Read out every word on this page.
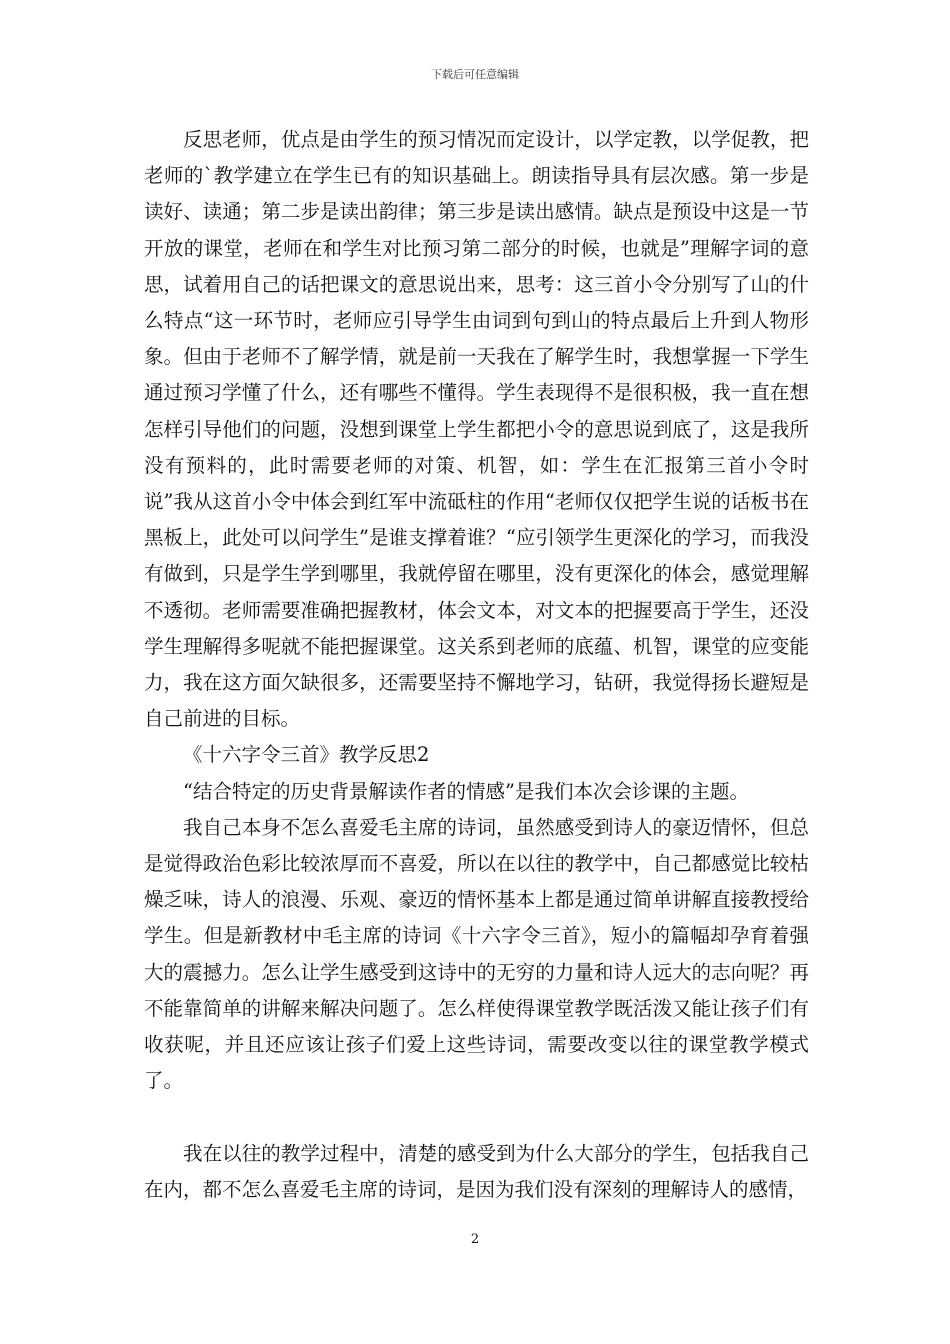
下载后可任意编辑

反思老师，优点是由学生的预习情况而定设计，以学定教，以学促教，把老师的`教学建立在学生已有的知识基础上。朗读指导具有层次感。第一步是读好、读通；第二步是读出韵律；第三步是读出感情。缺点是预设中这是一节开放的课堂，老师在和学生对比预习第二部分的时候，也就是”理解字词的意思，试着用自己的话把课文的意思说出来，思考：这三首小令分别写了山的什么特点“这一环节时，老师应引导学生由词到句到山的特点最后上升到人物形象。但由于老师不了解学情，就是前一天我在了解学生时，我想掌握一下学生通过预习学懂了什么，还有哪些不懂得。学生表现得不是很积极，我一直在想怎样引导他们的问题，没想到课堂上学生都把小令的意思说到底了，这是我所没有预料的，此时需要老师的对策、机智，如：学生在汇报第三首小令时说”我从这首小令中体会到红军中流砥柱的作用“老师仅仅把学生说的话板书在黑板上，此处可以问学生”是谁支撑着谁？“应引领学生更深化的学习，而我没有做到，只是学生学到哪里，我就停留在哪里，没有更深化的体会，感觉理解不透彻。老师需要准确把握教材，体会文本，对文本的把握要高于学生，还没学生理解得多呢就不能把握课堂。这关系到老师的底蕴、机智，课堂的应变能力，我在这方面欠缺很多，还需要坚持不懈地学习，钻研，我觉得扬长避短是自己前进的目标。

《十六字令三首》教学反思2

“结合特定的历史背景解读作者的情感”是我们本次会诊课的主题。

我自己本身不怎么喜爱毛主席的诗词，虽然感受到诗人的豪迈情怀，但总是觉得政治色彩比较浓厚而不喜爱，所以在以往的教学中，自己都感觉比较枯燥乏味，诗人的浪漫、乐观、豪迈的情怀基本上都是通过简单讲解直接教授给学生。但是新教材中毛主席的诗词《十六字令三首》，短小的篇幅却孕育着强大的震撼力。怎么让学生感受到这诗中的无穷的力量和诗人远大的志向呢？再不能靠简单的讲解来解决问题了。怎么样使得课堂教学既活泼又能让孩子们有收获呢，并且还应该让孩子们爱上这些诗词，需要改变以往的课堂教学模式了。

我在以往的教学过程中，清楚的感受到为什么大部分的学生，包括我自己在内，都不怎么喜爱毛主席的诗词，是因为我们没有深刻的理解诗人的感情，

2
